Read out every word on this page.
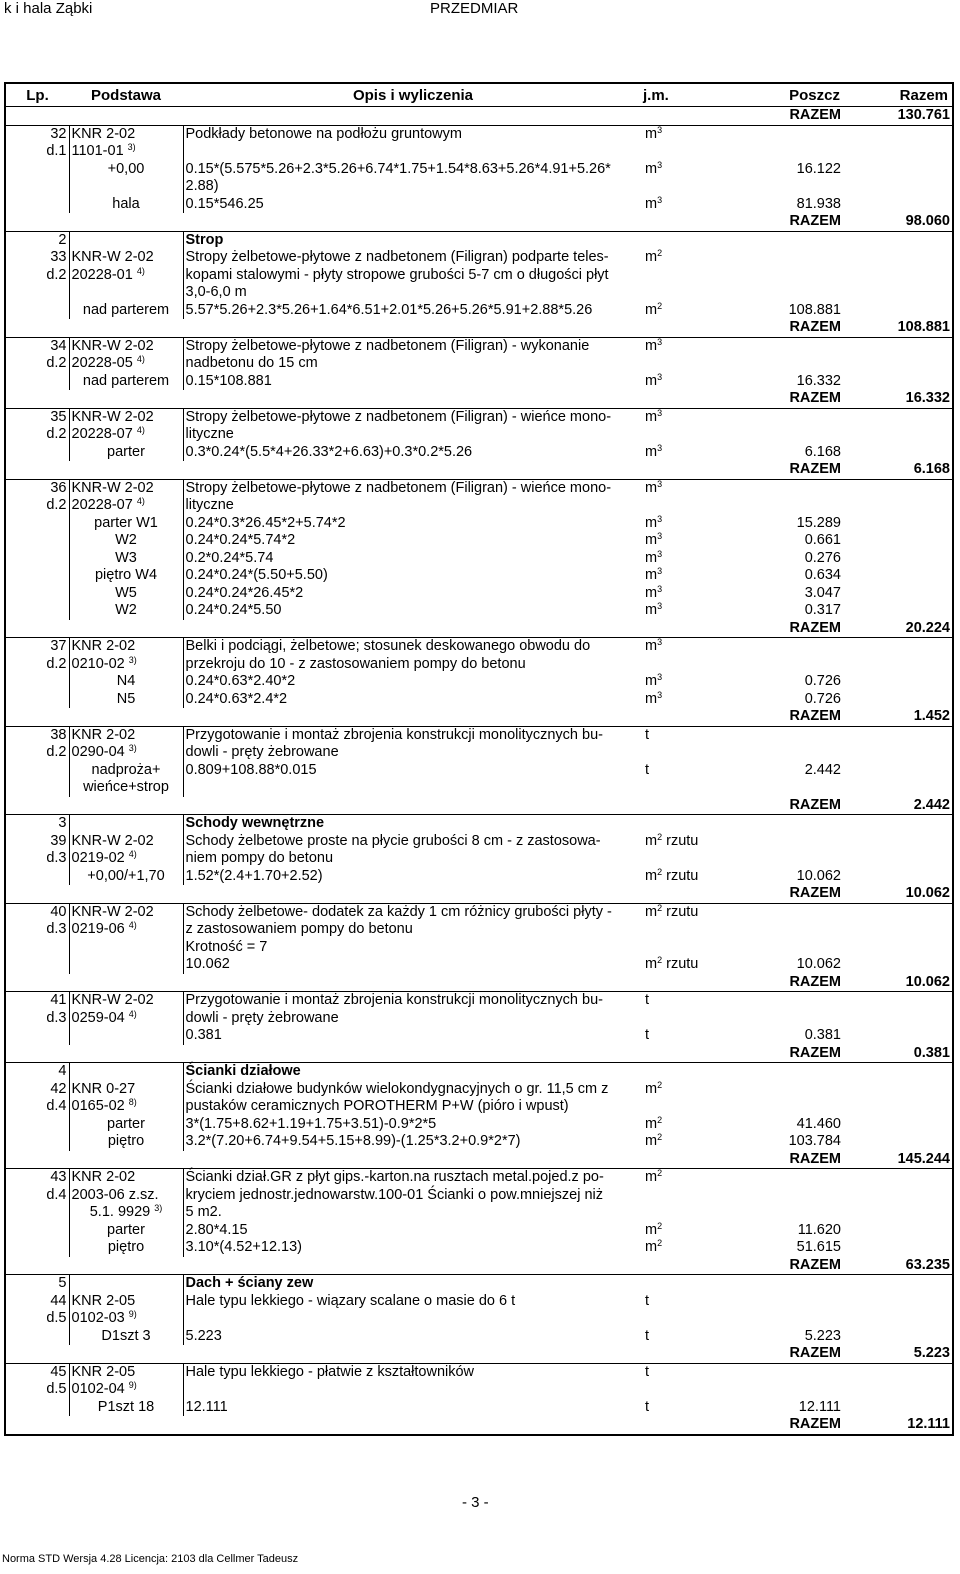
k i hala Ząbki	PRZEDMIAR
Lp.	Podstawa	Opis i wyliczenia	j.m.	Poszcz	Razem
				RAZEM	130.761
32	KNR 2-02	Podkłady betonowe na podłożu gruntowym	$m^3$		
d.1	1101-01 $^{3)}$				
	+0,00	0.15*(5.575*5.26+2.3*5.26+6.74*1.75+1.54*8.63+5.26*4.91+5.26*	$m^3$	16.122	
		2.88)			
	hala	0.15*546.25	$m^3$	81.938	
				RAZEM	98.060
2		Strop			
33	KNR-W 2-02	Stropy żelbetowe-płytowe z nadbetonem (Filigran) podparte teles-	$m^2$		
d.2	20228-01 $^{4)}$	kopami stalowymi - płyty stropowe grubości 5-7 cm o długości płyt			
		3,0-6,0 m			
	nad parterem	5.57*5.26+2.3*5.26+1.64*6.51+2.01*5.26+5.26*5.91+2.88*5.26	$m^2$	108.881	
				RAZEM	108.881
34	KNR-W 2-02	Stropy żelbetowe-płytowe z nadbetonem (Filigran) - wykonanie	$m^3$		
d.2	20228-05 $^{4)}$	nadbetonu do 15 cm			
	nad parterem	0.15*108.881	$m^3$	16.332	
				RAZEM	16.332
35	KNR-W 2-02	Stropy żelbetowe-płytowe z nadbetonem (Filigran) - wieńce mono-	$m^3$		
d.2	20228-07 $^{4)}$	lityczne			
	parter	0.3*0.24*(5.5*4+26.33*2+6.63)+0.3*0.2*5.26	$m^3$	6.168	
				RAZEM	6.168
36	KNR-W 2-02	Stropy żelbetowe-płytowe z nadbetonem (Filigran) - wieńce mono-	$m^3$		
d.2	20228-07 $^{4)}$	lityczne			
	parter W1	0.24*0.3*26.45*2+5.74*2	$m^3$	15.289	
	W2	0.24*0.24*5.74*2	$m^3$	0.661	
	W3	0.2*0.24*5.74	$m^3$	0.276	
	piętro W4	0.24*0.24*(5.50+5.50)	$m^3$	0.634	
	W5	0.24*0.24*26.45*2	$m^3$	3.047	
	W2	0.24*0.24*5.50	$m^3$	0.317	
				RAZEM	20.224
37	KNR 2-02	Belki i podciągi, żelbetowe; stosunek deskowanego obwodu do	$m^3$		
d.2	0210-02 $^{3)}$	przekroju do 10 - z zastosowaniem pompy do betonu			
	N4	0.24*0.63*2.40*2	$m^3$	0.726	
	N5	0.24*0.63*2.4*2	$m^3$	0.726	
				RAZEM	1.452
38	KNR 2-02	Przygotowanie i montaż zbrojenia konstrukcji monolitycznych bu-	t		
d.2	0290-04 $^{3)}$	dowli - pręty żebrowane			
	nadproża+	0.809+108.88*0.015	t	2.442	
	wieńce+strop				
				RAZEM	2.442
3		Schody wewnętrzne			
39	KNR-W 2-02	Schody żelbetowe proste na płycie grubości 8 cm - z zastosowa-	$m^2$ rzutu		
d.3	0219-02 $^{4)}$	niem pompy do betonu			
	+0,00/+1,70	1.52*(2.4+1.70+2.52)	$m^2$ rzutu	10.062	
				RAZEM	10.062
40	KNR-W 2-02	Schody żelbetowe- dodatek za każdy 1 cm różnicy grubości płyty -	$m^2$ rzutu		
d.3	0219-06 $^{4)}$	z zastosowaniem pompy do betonu			
		Krotność = 7			
		10.062	$m^2$ rzutu	10.062	
				RAZEM	10.062
41	KNR-W 2-02	Przygotowanie i montaż zbrojenia konstrukcji monolitycznych bu-	t		
d.3	0259-04 $^{4)}$	dowli - pręty żebrowane			
		0.381	t	0.381	
				RAZEM	0.381
4		Ścianki działowe			
42	KNR 0-27	Ścianki działowe budynków wielokondygnacyjnych o gr. 11,5 cm z	$m^2$		
d.4	0165-02 $^{8)}$	pustaków ceramicznych POROTHERM P+W (pióro i wpust)			
	parter	3*(1.75+8.62+1.19+1.75+3.51)-0.9*2*5	$m^2$	41.460	
	piętro	3.2*(7.20+6.74+9.54+5.15+8.99)-(1.25*3.2+0.9*2*7)	$m^2$	103.784	
				RAZEM	145.244
43	KNR 2-02	Ścianki dział.GR z płyt gips.-karton.na rusztach metal.pojed.z po-	$m^2$		
d.4	2003-06 z.sz.	kryciem jednostr.jednowarstw.100-01 Ścianki o pow.mniejszej niż			
	5.1. 9929 $^{3)}$	5 m2.			
	parter	2.80*4.15	$m^2$	11.620	
	piętro	3.10*(4.52+12.13)	$m^2$	51.615	
				RAZEM	63.235
5		Dach + ściany zew			
44	KNR 2-05	Hale typu lekkiego - wiązary scalane o masie do 6 t	t		
d.5	0102-03 $^{9)}$				
	D1szt 3	5.223	t	5.223	
				RAZEM	5.223
45	KNR 2-05	Hale typu lekkiego - płatwie z kształtowników	t		
d.5	0102-04 $^{9)}$				
	P1szt 18	12.111	t	12.111	
				RAZEM	12.111
- 3 -
Norma STD Wersja 4.28 Licencja: 2103 dla Cellmer Tadeusz
